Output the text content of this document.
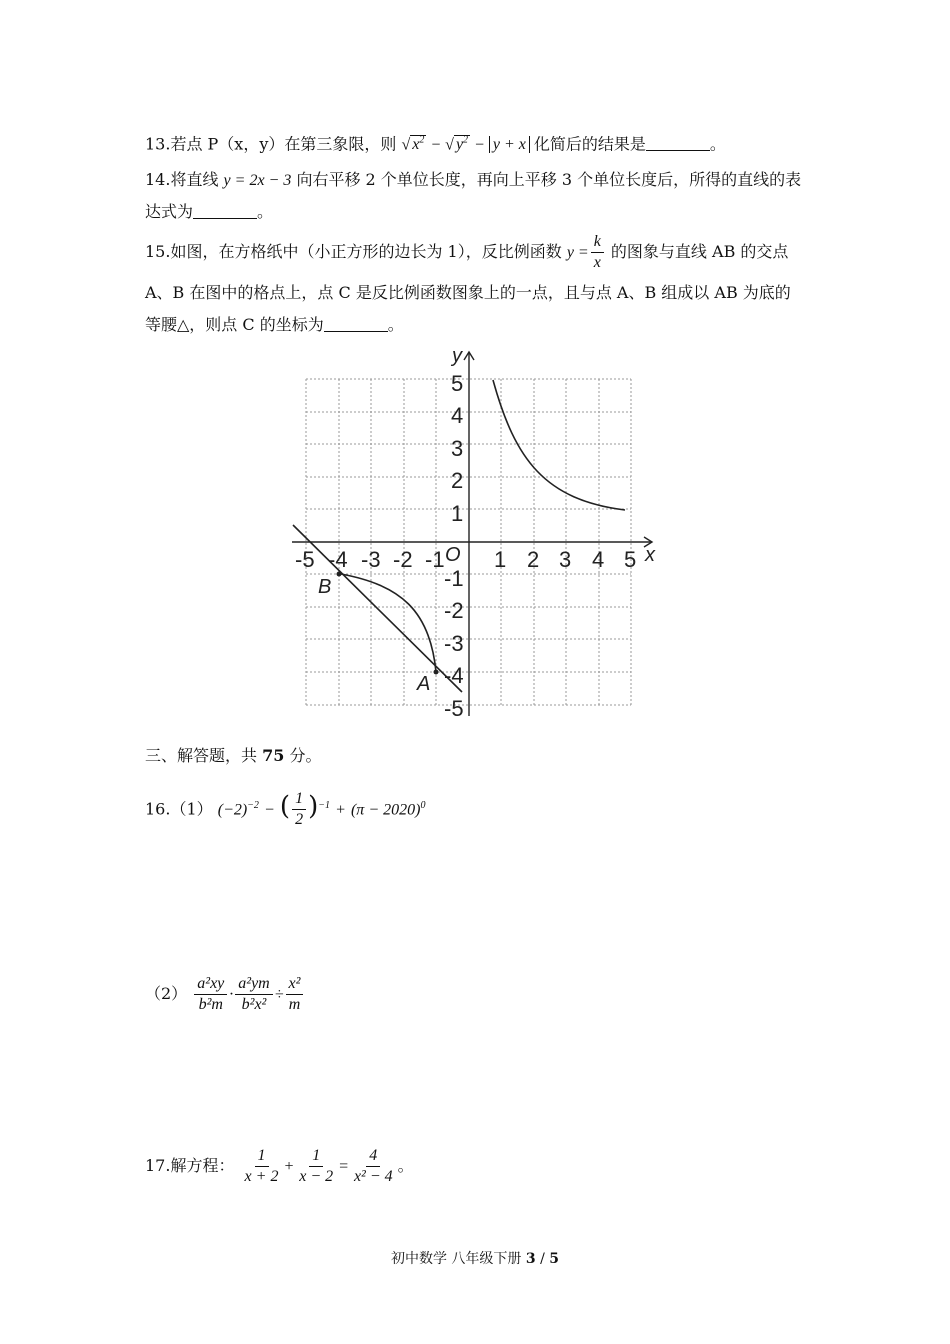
13.若点 P（x，y）在第三象限，则 √ $x^2$ − √ $y^2 - y + x$ 化简后的结果是	。
14.将直线 y = 2x − 3 向右平移 2 个单位长度，再向上平移 3 个单位长度后，所得的直线的表
达式为	。
15.如图，在方格纸中（小正方形的边长为 1），反比例函数 $y = \frac{k}{x}$ 的图象与直线 AB 的交点
A、B 在图中的格点上，点 C 是反比例函数图象上的一点，且与点 A、B 组成以 AB 为底的
等腰△，则点 C 的坐标为	。
-5 -4 -3 -2 -1 1 2 3 4 5
5
4
3
2
1
-1
-2
-3
-4
-5
x
y
O
A
B
三、解答题，共 75 分。
16.（1） $(-2)^{-2}$ − ( $\frac{1}{2} )^{-1} + (\pi - 2020)^0$
$(2) \frac{\text{a²xy}}{\text{b²m}} \cdot \frac{\text{a²ym}}{\text{b²x²}} \div \frac{\text{x²}}{m}$
17.解方程： $\frac{1}{x + 2} + \frac{1}{x - 2} = \frac{4}{\text{x² − 4}}$ 。
初中数学 八年级下册 3 / 5
